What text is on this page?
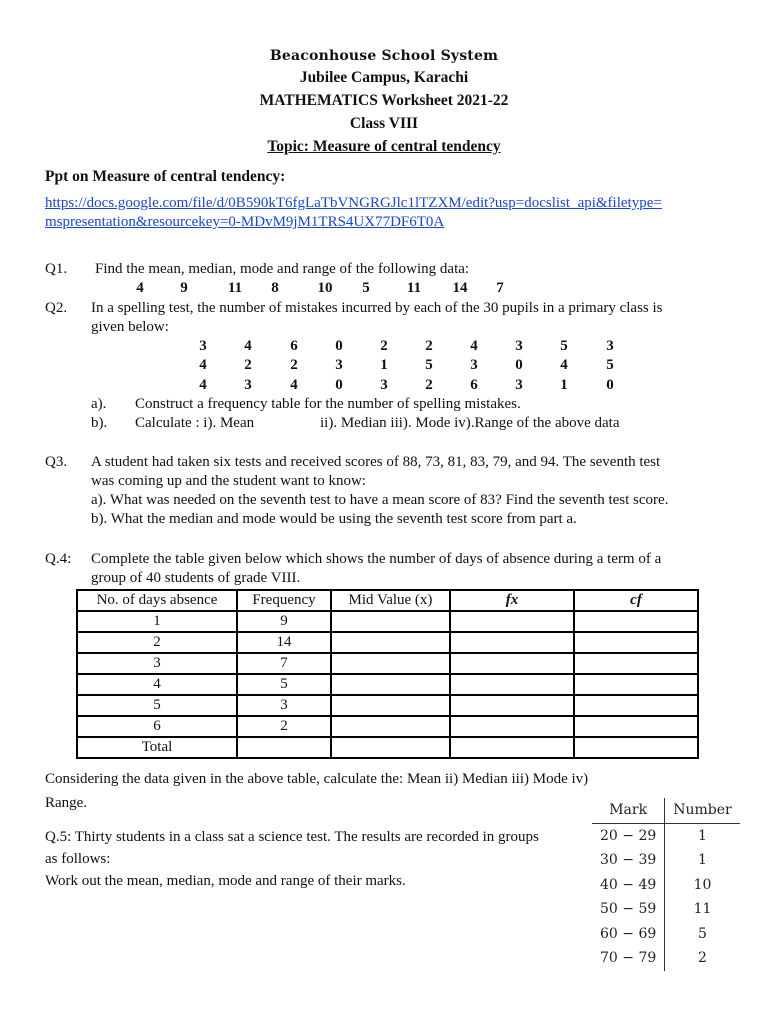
Beaconhouse School System
Jubilee Campus, Karachi
MATHEMATICS Worksheet 2021-22
Class VIII
Topic: Measure of central tendency
Ppt on Measure of central tendency:
https://docs.google.com/file/d/0B590kT6fgLaTbVNGRGJlc1lTZXM/edit?usp=docslist_api&filetype=
mspresentation&resourcekey=0-MDvM9jM1TRS4UX77DF6T0A
Q1. Find the mean, median, mode and range of the following data:
4	9	11	8	10	5	11	14	7
Q2. In a spelling test, the number of mistakes incurred by each of the 30 pupils in a primary class is
given below:
3	4	6	0	2	2	4	3	5	3
4	2	2	3	1	5	3	0	4	5
4	3	4	0	3	2	6	3	1	0
a). Construct a frequency table for the number of spelling mistakes.
b). Calculate : i). Mean	ii). Median iii). Mode iv).Range of the above data
Q3. A student had taken six tests and received scores of 88, 73, 81, 83, 79, and 94. The seventh test
was coming up and the student want to know:
a). What was needed on the seventh test to have a mean score of 83? Find the seventh test score.
b). What the median and mode would be using the seventh test score from part a.
Q.4: Complete the table given below which shows the number of days of absence during a term of a
group of 40 students of grade VIII.
No. of days absence	Frequency	Mid Value (x)	fx	cf
1	9			
2	14			
3	7			
4	5			
5	3			
6	2			
Total				
Considering the data given in the above table, calculate the: Mean ii) Median iii) Mode iv)
Range.
Q.5: Thirty students in a class sat a science test. The results are recorded in groups
as follows:
Work out the mean, median, mode and range of their marks.
Mark	Number
20 − 29	1
30 − 39	1
40 − 49	10
50 − 59	11
60 − 69	5
70 − 79	2
